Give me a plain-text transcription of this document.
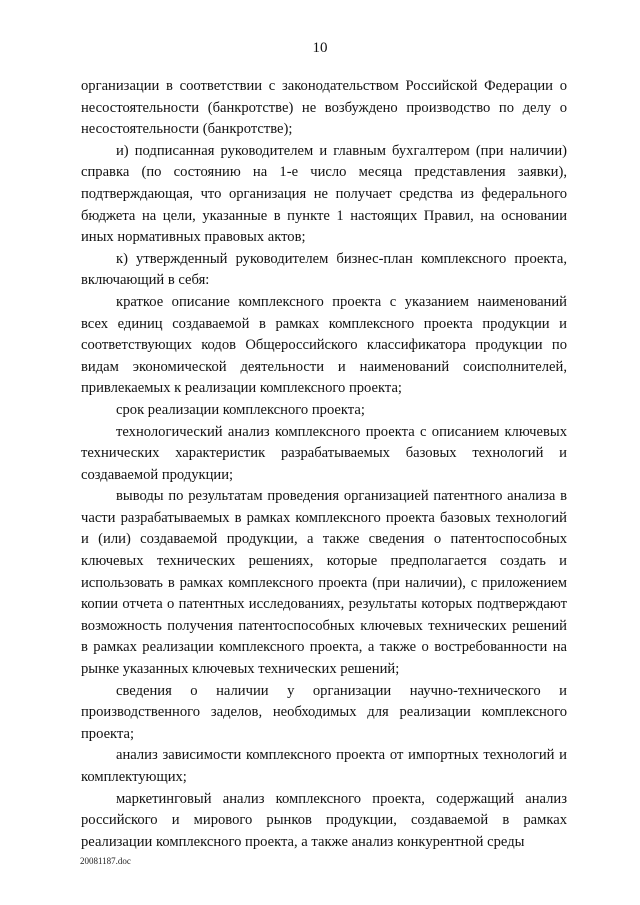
10

организации в соответствии с законодательством Российской Федерации о несостоятельности (банкротстве) не возбуждено производство по делу о несостоятельности (банкротстве);

и) подписанная руководителем и главным бухгалтером (при наличии) справка (по состоянию на 1-е число месяца представления заявки), подтверждающая, что организация не получает средства из федерального бюджета на цели, указанные в пункте 1 настоящих Правил, на основании иных нормативных правовых актов;

к) утвержденный руководителем бизнес-план комплексного проекта, включающий в себя:

краткое описание комплексного проекта с указанием наименований всех единиц создаваемой в рамках комплексного проекта продукции и соответствующих кодов Общероссийского классификатора продукции по видам экономической деятельности и наименований соисполнителей, привлекаемых к реализации комплексного проекта;

срок реализации комплексного проекта;

технологический анализ комплексного проекта с описанием ключевых технических характеристик разрабатываемых базовых технологий и создаваемой продукции;

выводы по результатам проведения организацией патентного анализа в части разрабатываемых в рамках комплексного проекта базовых технологий и (или) создаваемой продукции, а также сведения о патентоспособных ключевых технических решениях, которые предполагается создать и использовать в рамках комплексного проекта (при наличии), с приложением копии отчета о патентных исследованиях, результаты которых подтверждают возможность получения патентоспособных ключевых технических решений в рамках реализации комплексного проекта, а также о востребованности на рынке указанных ключевых технических решений;

сведения о наличии у организации научно-технического и производственного заделов, необходимых для реализации комплексного проекта;

анализ зависимости комплексного проекта от импортных технологий и комплектующих;

маркетинговый анализ комплексного проекта, содержащий анализ российского и мирового рынков продукции, создаваемой в рамках реализации комплексного проекта, а также анализ конкурентной среды

20081187.doc
